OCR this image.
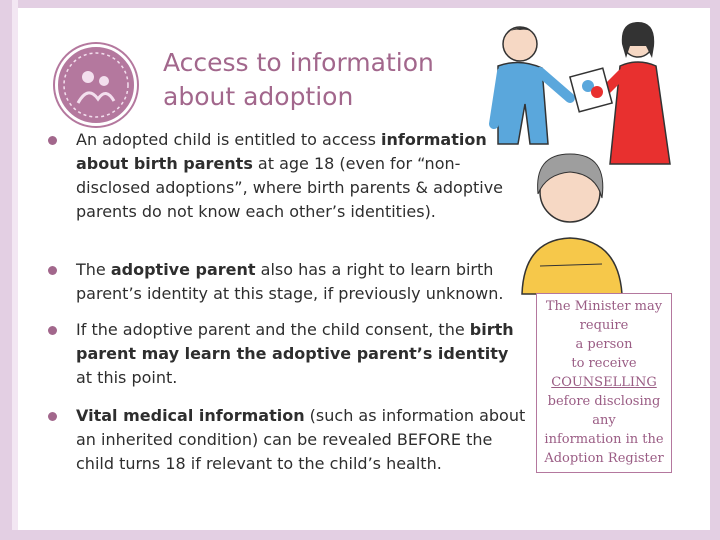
Access to information
about adoption
An adopted child is entitled to access information about birth parents at age 18 (even for “non-disclosed adoptions”, where birth parents & adoptive parents do not know each other’s identities).
The adoptive parent also has a right to learn birth parent’s identity at this stage, if previously unknown.
If the adoptive parent and the child consent, the birth parent may learn the adoptive parent’s identity at this point.
Vital medical information (such as information about an inherited condition) can be revealed BEFORE the child turns 18 if relevant to the child’s health.
The Minister may
require
a person
to receive
COUNSELLING
before disclosing
any
information in the
Adoption Register
